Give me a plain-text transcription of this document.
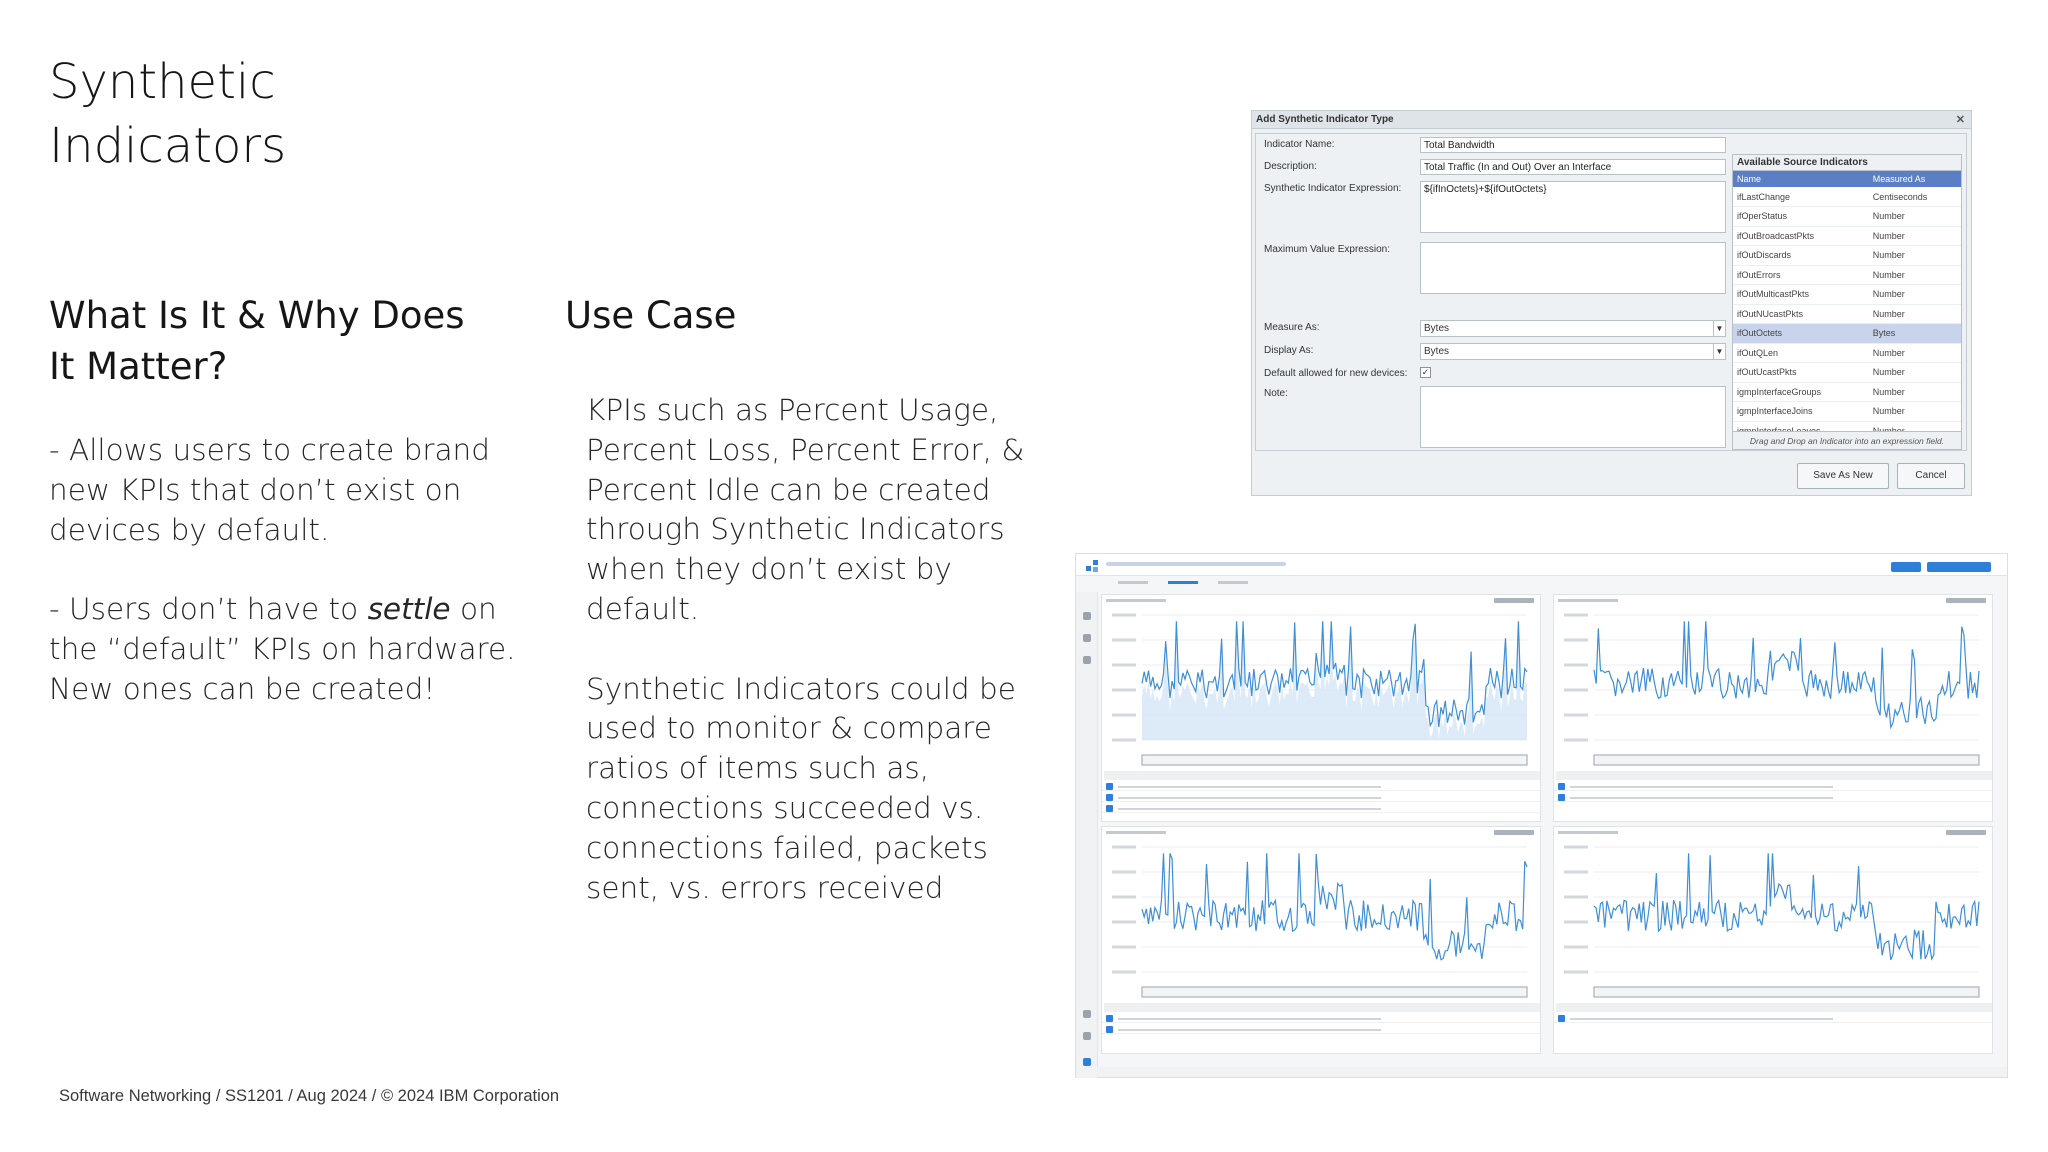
Synthetic Indicators
What Is It & Why Does It Matter?

- Allows users to create brand new KPIs that don’t exist on devices by default.

- Users don’t have to settle on the “default” KPIs on hardware. New ones can be created!

Use Case

KPIs such as Percent Usage, Percent Loss, Percent Error, & Percent Idle can be created through Synthetic Indicators when they don’t exist by default.

Synthetic Indicators could be used to monitor & compare ratios of items such as, connections succeeded vs. connections failed, packets sent, vs. errors received

Software Networking / SS1201 / Aug 2024 / © 2024 IBM Corporation
Add Synthetic Indicator Type	✕
Indicator Name:	Total Bandwidth
Description:	Total Traffic (In and Out) Over an Interface
Synthetic Indicator Expression:	${ifInOctets}+${ifOutOctets}
Maximum Value Expression:
Measure As:	Bytes	▼
Display As:	Bytes	▼
Default allowed for new devices: ✓
Note:
Available Source Indicators
Name	Measured As
ifLastChange	Centiseconds
ifOperStatus	Number
ifOutBroadcastPkts	Number
ifOutDiscards	Number
ifOutErrors	Number
ifOutMulticastPkts	Number
ifOutNUcastPkts	Number
ifOutOctets	Bytes
ifOutQLen	Number
ifOutUcastPkts	Number
igmpInterfaceGroups	Number
igmpInterfaceJoins	Number

Drag and Drop an Indicator into an expression field.
Save As New	Cancel
